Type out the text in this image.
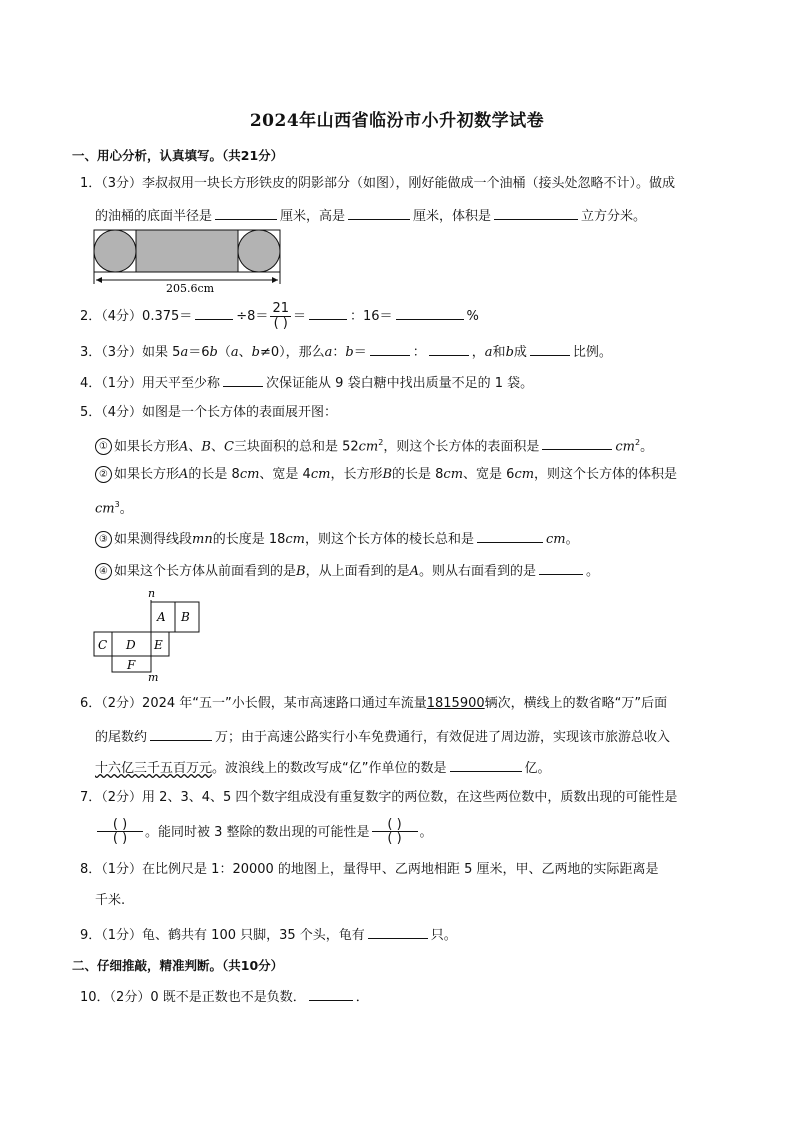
2024年山西省临汾市小升初数学试卷
一、用心分析，认真填写。（共21分）
1．（3分）李叔叔用一块长方形铁皮的阴影部分（如图），刚好能做成一个油桶（接头处忽略不计）。做成
的油桶的底面半径是	厘米，高是	厘米，体积是	立方分米。
205.6cm
2．（4分）0.375＝	$\div 8= \frac{21}{( )}$ ＝	：16＝	%
3．（3分）如果 5a＝6b（a、b≠0），那么a：b＝	：	，a和b成	比例。
4．（1分）用天平至少称	次保证能从 9 袋白糖中找出质量不足的 1 袋。
5．（4分）如图是一个长方体的表面展开图：
① 如果长方形A、B、C三块面积的总和是 $52cm^2$，则这个长方体的表面积是	$cm^2$。
② 如果长方形A的长是 8cm、宽是 4cm，长方形B的长是 8cm、宽是 6cm，则这个长方体的体积是
$cm^3$。
③ 如果测得线段mn的长度是 18cm，则这个长方体的棱长总和是	cm。
④ 如果这个长方体从前面看到的是B，从上面看到的是A。则从右面看到的是	。
n
A B
C D E
F
m
6．（2分）2024 年“五一”小长假，某市高速路口通过车流量1815900辆次，横线上的数省略“万”后面
的尾数约	万；由于高速公路实行小车免费通行，有效促进了周边游，实现该市旅游总收入
十六亿三千五百万元。波浪线上的数改写成“亿”作单位的数是	亿。
7．（2分）用 2、3、4、5 四个数字组成没有重复数字的两位数，在这些两位数中，质数出现的可能性是
$\frac{( )}{( )}$ 。能同时被 3 整除的数出现的可能性是 $\frac{( )}{( )}$ 。
8．（1分）在比例尺是 1：20000 的地图上，量得甲、乙两地相距 5 厘米，甲、乙两地的实际距离是
千米.
9．（1分）龟、鹤共有 100 只脚，35 个头，龟有	只。
二、仔细推敲，精准判断。（共10分）
10．（2分）0 既不是正数也不是负数．	．
